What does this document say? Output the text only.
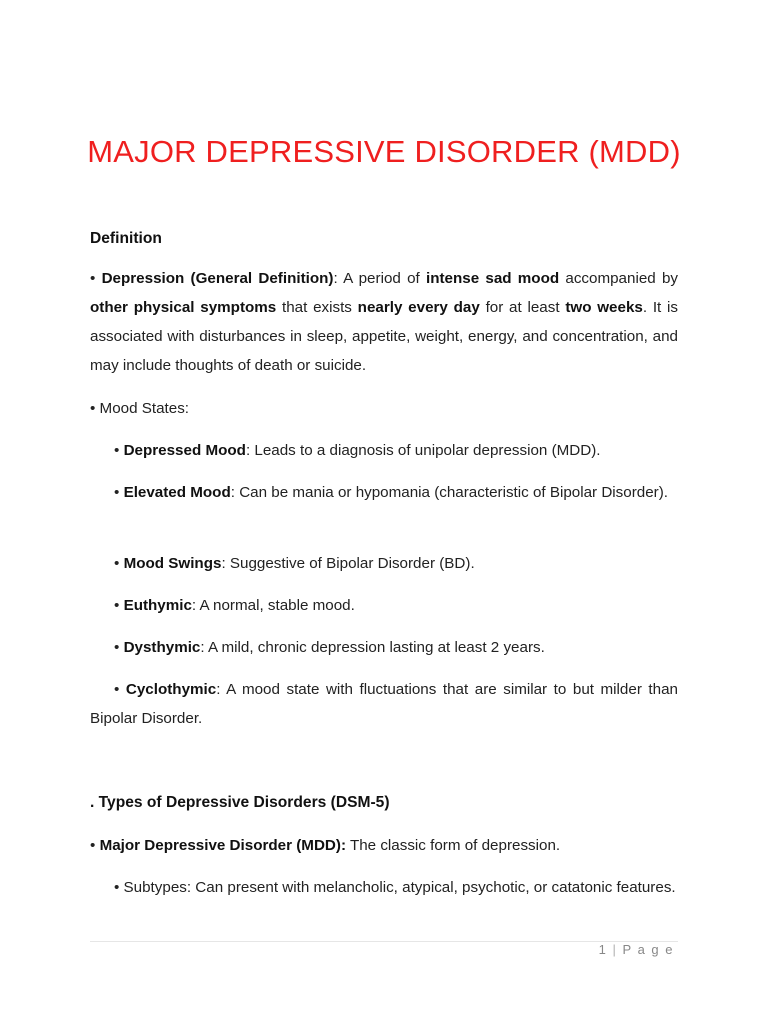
MAJOR DEPRESSIVE DISORDER (MDD)
Definition
• Depression (General Definition): A period of intense sad mood accompanied by other physical symptoms that exists nearly every day for at least two weeks. It is associated with disturbances in sleep, appetite, weight, energy, and concentration, and may include thoughts of death or suicide.
• Mood States:
• Depressed Mood: Leads to a diagnosis of unipolar depression (MDD).
• Elevated Mood: Can be mania or hypomania (characteristic of Bipolar Disorder).
• Mood Swings: Suggestive of Bipolar Disorder (BD).
• Euthymic: A normal, stable mood.
• Dysthymic: A mild, chronic depression lasting at least 2 years.
• Cyclothymic: A mood state with fluctuations that are similar to but milder than Bipolar Disorder.
. Types of Depressive Disorders (DSM-5)
• Major Depressive Disorder (MDD): The classic form of depression.
• Subtypes: Can present with melancholic, atypical, psychotic, or catatonic features.
1 | P a g e
